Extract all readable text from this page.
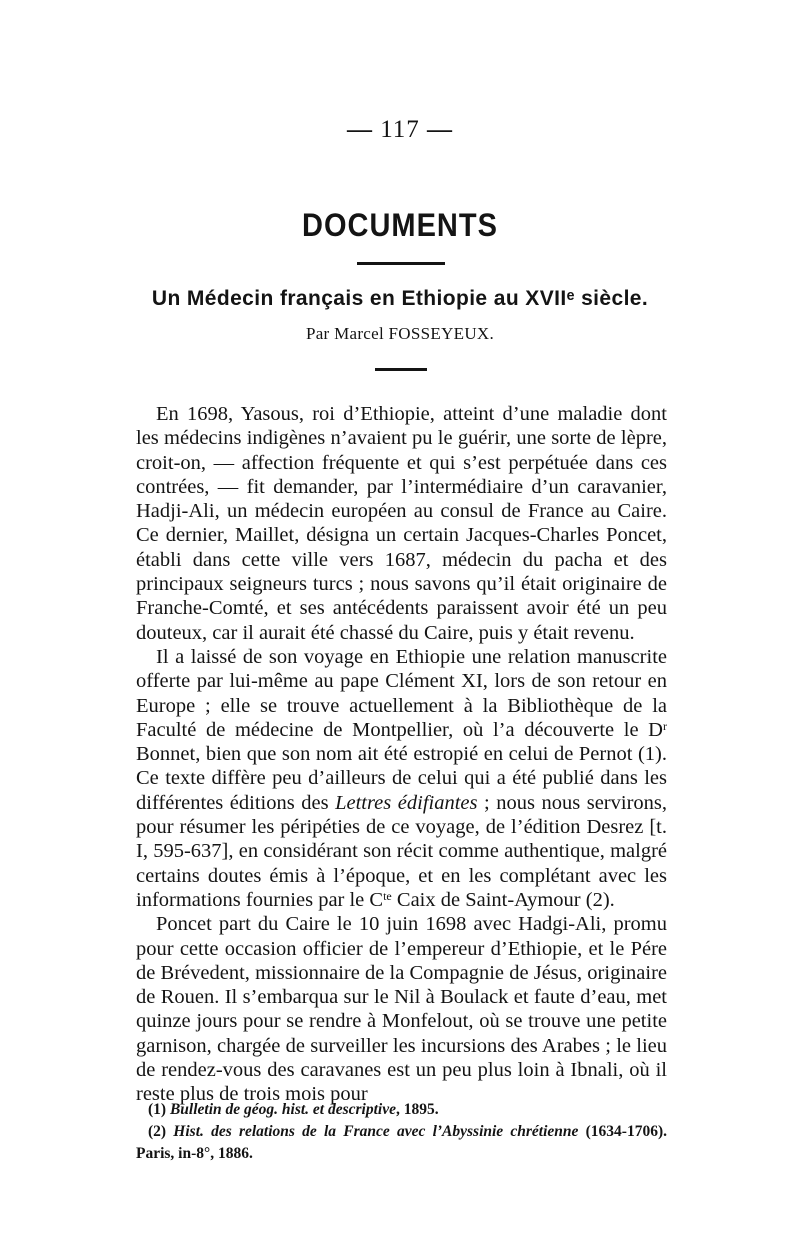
— 117 —
DOCUMENTS
Un Médecin français en Ethiopie au XVIIᵉ siècle.
Par Marcel FOSSEYEUX.

En 1698, Yasous, roi d’Ethiopie, atteint d’une maladie dont les médecins indigènes n’avaient pu le guérir, une sorte de lèpre, croit-on, — affection fréquente et qui s’est perpétuée dans ces contrées, — fit demander, par l’intermédiaire d’un caravanier, Hadji-Ali, un médecin européen au consul de France au Caire. Ce dernier, Maillet, désigna un certain Jacques-Charles Poncet, établi dans cette ville vers 1687, médecin du pacha et des principaux seigneurs turcs ; nous savons qu’il était originaire de Franche-Comté, et ses antécédents paraissent avoir été un peu douteux, car il aurait été chassé du Caire, puis y était revenu.

Il a laissé de son voyage en Ethiopie une relation manuscrite offerte par lui-même au pape Clément XI, lors de son retour en Europe ; elle se trouve actuellement à la Bibliothèque de la Faculté de médecine de Montpellier, où l’a découverte le $D^r$ Bonnet, bien que son nom ait été estropié en celui de Pernot (1). Ce texte diffère peu d’ailleurs de celui qui a été publié dans les différentes éditions des Lettres édifiantes ; nous nous servirons, pour résumer les péripéties de ce voyage, de l’édition Desrez [t. I, 595-637], en considérant son récit comme authentique, malgré certains doutes émis à l’époque, et en les complétant avec les informations fournies par le $C^{te}$ Caix de Saint-Aymour (2).

Poncet part du Caire le 10 juin 1698 avec Hadgi-Ali, promu pour cette occasion officier de l’empereur d’Ethiopie, et le Pére de Brévedent, missionnaire de la Compagnie de Jésus, originaire de Rouen. Il s’embarqua sur le Nil à Boulack et faute d’eau, met quinze jours pour se rendre à Monfelout, où se trouve une petite garnison, chargée de surveiller les incursions des Arabes ; le lieu de rendez-vous des caravanes est un peu plus loin à Ibnali, où il reste plus de trois mois pour

(1) Bulletin de géog. hist. et descriptive, 1895.

(2) Hist. des relations de la France avec l’Abyssinie chrétienne (1634-1706). Paris, in-8°, 1886.
